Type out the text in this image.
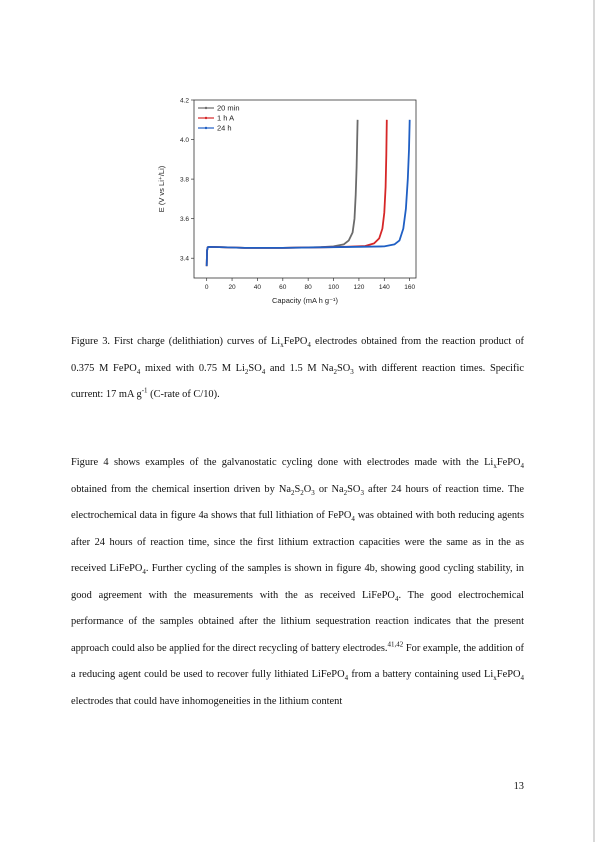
0	20	40	60	80	100 120 140 160
3.4
3.6
3.8
4.0
4.2
Capacity (mA h g⁻¹)
E (V vs Li⁺/Li)
20 min
1 h A
24 h

Figure 3. First charge (delithiation) curves of $Li_xFePO_4$ electrodes obtained from the reaction product of 0.375 M FePO$_4$ mixed with 0.75 M $Li_2SO_4$ and 1.5 M $Na_2SO_3$ with different reaction times. Specific current: 17 mA $g^{-1}$ (C-rate of C/10).

Figure 4 shows examples of the galvanostatic cycling done with electrodes made with the $Li_xFePO_4$ obtained from the chemical insertion driven by $Na_2S_2O_3$ or $Na_2SO_3$ after 24 hours of reaction time. The electrochemical data in figure 4a shows that full lithiation of FePO$_4$ was obtained with both reducing agents after 24 hours of reaction time, since the first lithium extraction capacities were the same as in the as received LiFePO$_4$. Further cycling of the samples is shown in figure 4b, showing good cycling stability, in good agreement with the measurements with the as received LiFePO$_4$. The good electrochemical performance of the samples obtained after the lithium sequestration reaction indicates that the present approach could also be applied for the direct recycling of battery electrodes.$^{41,42}$ For example, the addition of a reducing agent could be used to recover fully lithiated LiFePO$_4$ from a battery containing used $Li_xFePO_4$ electrodes that could have inhomogeneities in the lithium content

13
